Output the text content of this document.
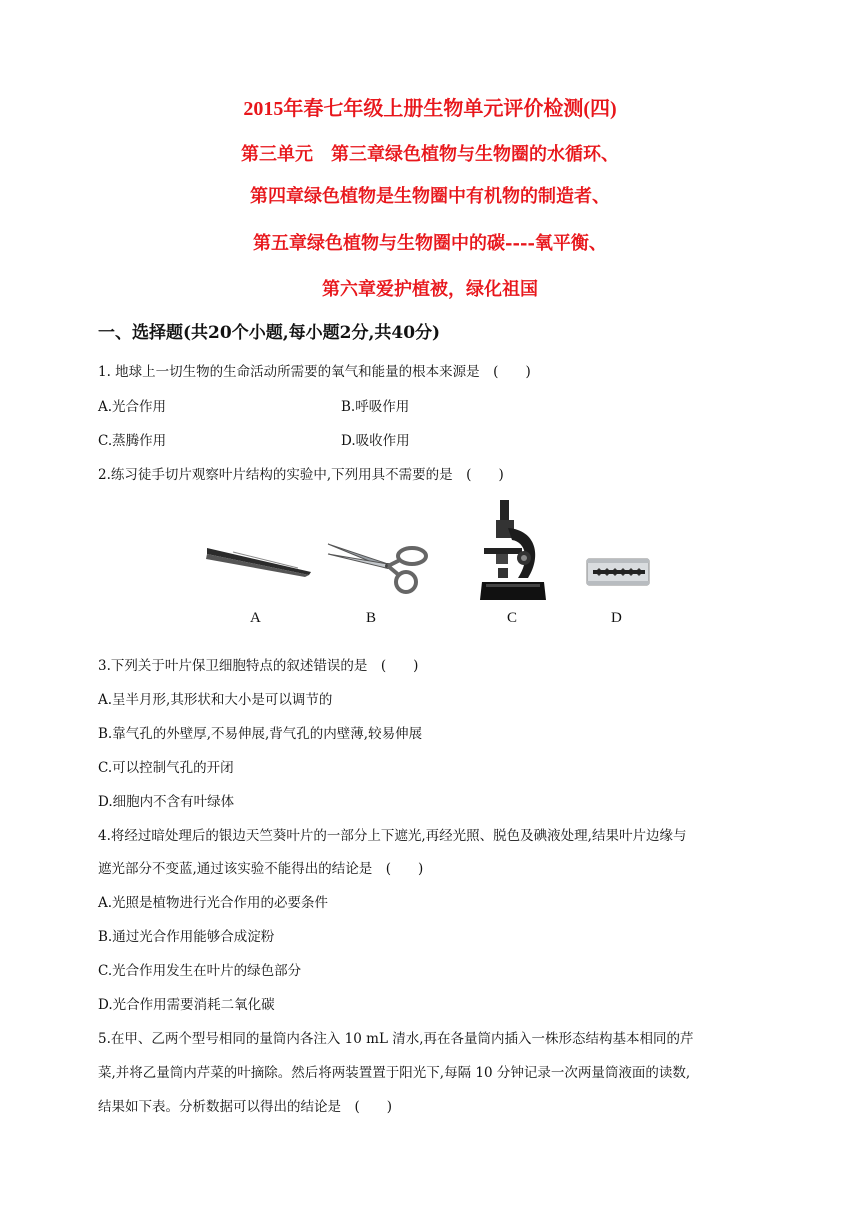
2015年春七年级上册生物单元评价检测(四)
第三单元　第三章绿色植物与生物圈的水循环、
第四章绿色植物是生物圈中有机物的制造者、
第五章绿色植物与生物圈中的碳----氧平衡、
第六章爱护植被，绿化祖国
一、选择题(共20个小题,每小题2分,共40分)
1. 地球上一切生物的生命活动所需要的氧气和能量的根本来源是　(　　)
A.光合作用	B.呼吸作用
C.蒸腾作用	D.吸收作用
2.练习徒手切片观察叶片结构的实验中,下列用具不需要的是　(　　)
A	B	C	D
3.下列关于叶片保卫细胞特点的叙述错误的是　(　　)
A.呈半月形,其形状和大小是可以调节的
B.靠气孔的外壁厚,不易伸展,背气孔的内壁薄,较易伸展
C.可以控制气孔的开闭
D.细胞内不含有叶绿体
4.将经过暗处理后的银边天竺葵叶片的一部分上下遮光,再经光照、脱色及碘液处理,结果叶片边缘与
遮光部分不变蓝,通过该实验不能得出的结论是　(　　)
A.光照是植物进行光合作用的必要条件
B.通过光合作用能够合成淀粉
C.光合作用发生在叶片的绿色部分
D.光合作用需要消耗二氧化碳
5.在甲、乙两个型号相同的量筒内各注入 10 mL 清水,再在各量筒内插入一株形态结构基本相同的芹
菜,并将乙量筒内芹菜的叶摘除。然后将两装置置于阳光下,每隔 10 分钟记录一次两量筒液面的读数,
结果如下表。分析数据可以得出的结论是　(　　)
